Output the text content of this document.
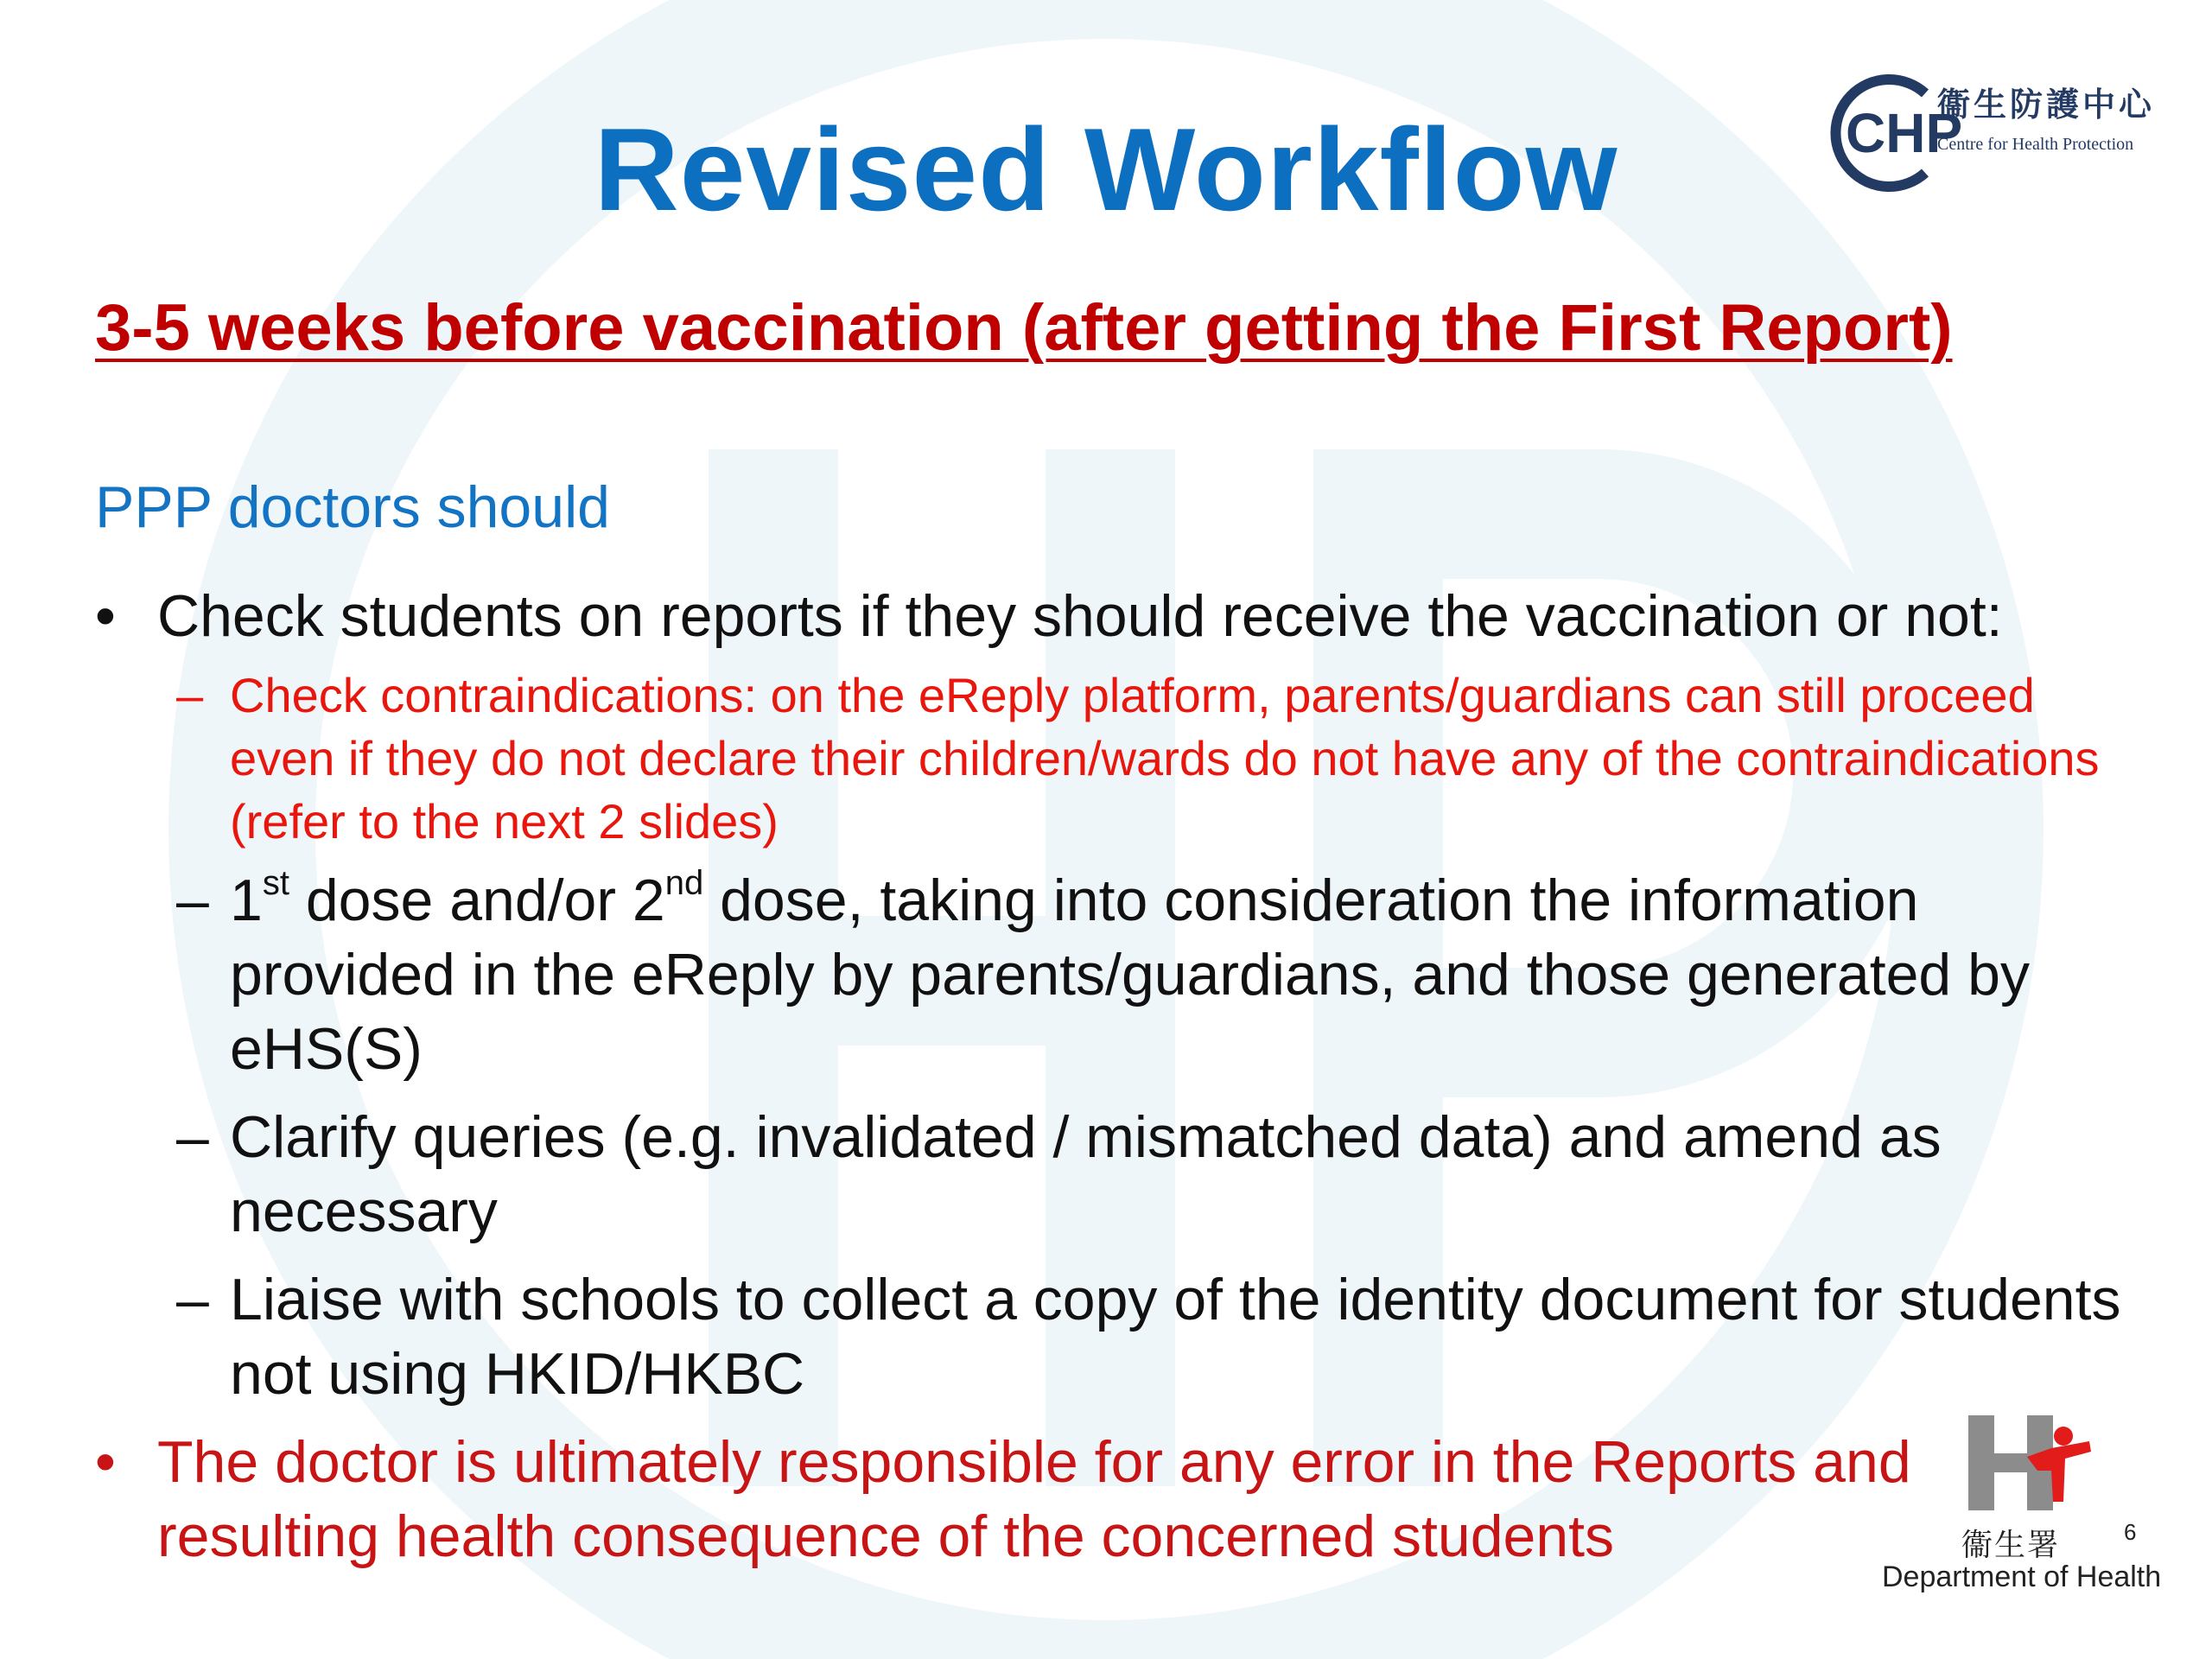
Revised Workflow	CHP
衞生防護中心
Centre for Health Protection
3-5 weeks before vaccination (after getting the First Report)
PPP doctors should
• Check students on reports if they should receive the vaccination or not:
– Check contraindications: on the eReply platform, parents/guardians can still proceed even if they do not declare their children/wards do not have any of the contraindications (refer to the next 2 slides)
– 1st dose and/or 2nd dose, taking into consideration the information provided in the eReply by parents/guardians, and those generated by eHS(S)
– Clarify queries (e.g. invalidated / mismatched data) and amend as necessary
– Liaise with schools to collect a copy of the identity document for students not using HKID/HKBC
• The doctor is ultimately responsible for any error in the Reports and resulting health consequence of the concerned students	衞生署
Department of Health
6
